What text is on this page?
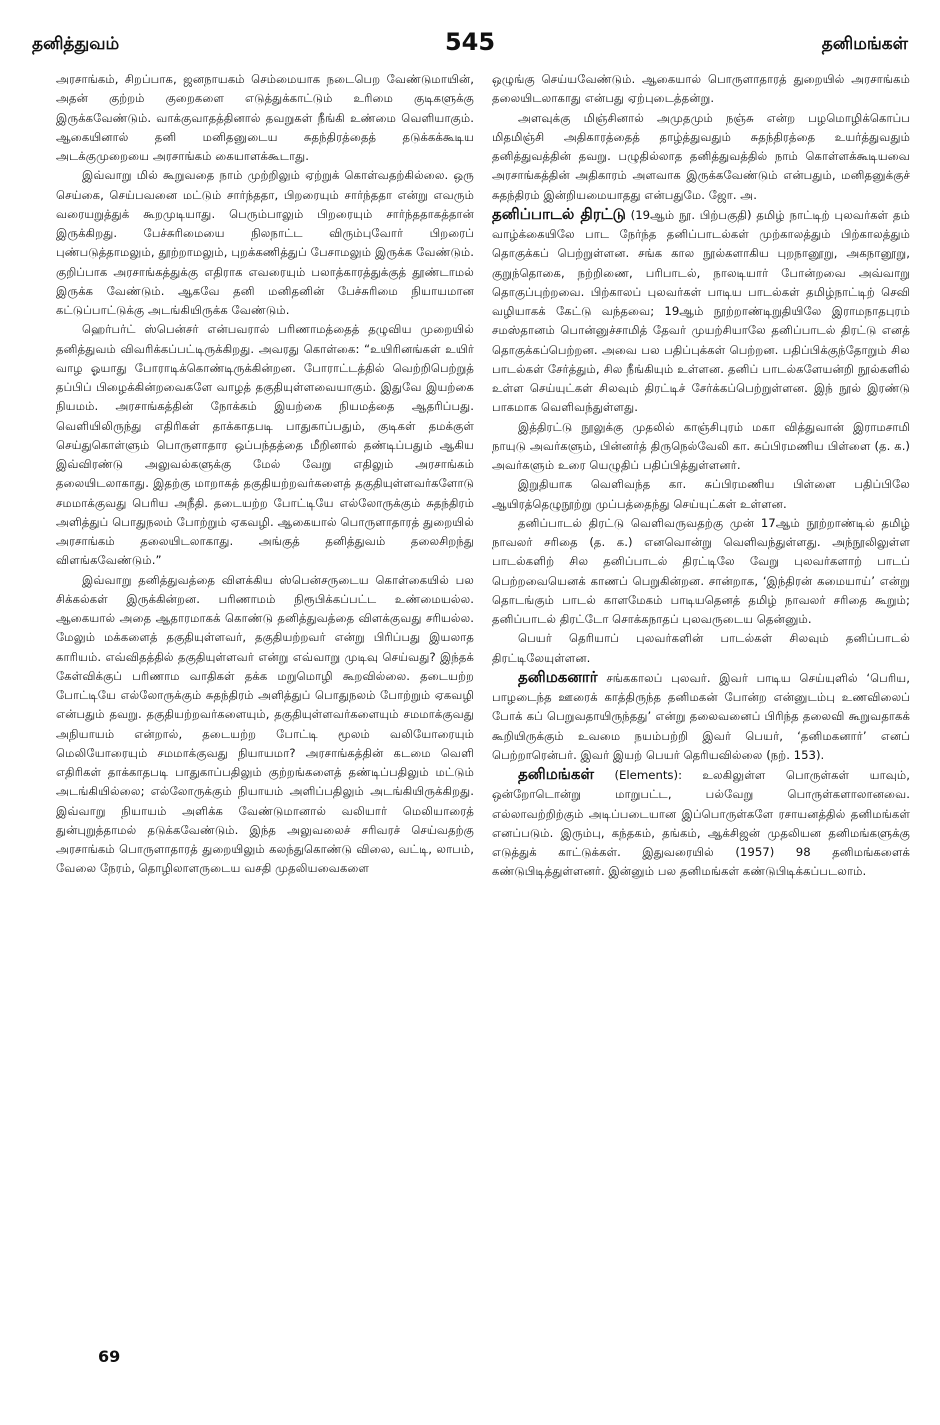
தனித்துவம்	545	தனிமங்கள்

அரசாங்கம், சிறப்பாக, ஜனநாயகம் செம்மையாக நடைபெற வேண்டுமாயின், அதன் குற்றம் குறைகளை எடுத்துக்காட்டும் உரிமை குடிகளுக்கு இருக்கவேண்டும். வாக்குவாதத்தினால் தவறுகள் நீங்கி உண்மை வெளியாகும். ஆகையினால் தனி மனிதனுடைய சுதந்திரத்தைத் தடுக்கக்கூடிய அடக்குமுறையை அரசாங்கம் கையாளக்கூடாது.

இவ்வாறு மில் கூறுவதை நாம் முற்றிலும் ஏற்றுக் கொள்வதற்கில்லை. ஒரு செய்கை, செய்பவனை மட்டும் சார்ந்ததா, பிறரையும் சார்ந்ததா என்று எவரும் வரையறுத்துக் கூறமுடியாது. பெரும்பாலும் பிறரையும் சார்ந்ததாகத்தான் இருக்கிறது. பேச்சுரிமையை நிலநாட்ட விரும்புவோர் பிறரைப் புண்படுத்தாமலும், தூற்றாமலும், புறக்கணித்துப் பேசாமலும் இருக்க வேண்டும். குறிப்பாக அரசாங்கத்துக்கு எதிராக எவரையும் பலாத்காரத்துக்குத் தூண்டாமல் இருக்க வேண்டும். ஆகவே தனி மனிதனின் பேச்சுரிமை நியாயமான கட்டுப்பாட்டுக்கு அடங்கியிருக்க வேண்டும்.

ஹெர்பர்ட் ஸ்பென்சர் என்பவரால் பரிணாமத்தைத் தழுவிய முறையில் தனித்துவம் விவரிக்கப்பட்டிருக்கிறது. அவரது கொள்கை: “உயிரினங்கள் உயிர் வாழ ஓயாது போராடிக்கொண்டிருக்கின்றன. போராட்டத்தில் வெற்றிபெற்றுத் தப்பிப் பிழைக்கின்றவைகளே வாழத் தகுதியுள்ளவையாகும். இதுவே இயற்கை நியமம். அரசாங்கத்தின் நோக்கம் இயற்கை நியமத்தை ஆதரிப்பது. வெளியிலிருந்து எதிரிகள் தாக்காதபடி பாதுகாப்பதும், குடிகள் தமக்குள் செய்துகொள்ளும் பொருளாதார ஒப்பந்தத்தை மீறினால் தண்டிப்பதும் ஆகிய இவ்விரண்டு அலுவல்களுக்கு மேல் வேறு எதிலும் அரசாங்கம் தலையிடலாகாது. இதற்கு மாறாகத் தகுதியற்றவர்களைத் தகுதியுள்ளவர்களோடு சமமாக்குவது பெரிய அநீதி. தடையற்ற போட்டியே எல்லோருக்கும் சுதந்திரம் அளித்துப் பொதுநலம் போற்றும் ஏகவழி. ஆகையால் பொருளாதாரத் துறையில் அரசாங்கம் தலையிடலாகாது. அங்குத் தனித்துவம் தலைசிறந்து விளங்கவேண்டும்.”

இவ்வாறு தனித்துவத்தை விளக்கிய ஸ்பென்சருடைய கொள்கையில் பல சிக்கல்கள் இருக்கின்றன. பரிணாமம் நிரூபிக்கப்பட்ட உண்மையல்ல. ஆகையால் அதை ஆதாரமாகக் கொண்டு தனித்துவத்தை விளக்குவது சரியல்ல. மேலும் மக்களைத் தகுதியுள்ளவர், தகுதியற்றவர் என்று பிரிப்பது இயலாத காரியம். எவ்விதத்தில் தகுதியுள்ளவர் என்று எவ்வாறு முடிவு செய்வது? இந்தக் கேள்விக்குப் பரிணாம வாதிகள் தக்க மறுமொழி கூறவில்லை. தடையற்ற போட்டியே எல்லோருக்கும் சுதந்திரம் அளித்துப் பொதுநலம் போற்றும் ஏகவழி என்பதும் தவறு. தகுதியற்றவர்களையும், தகுதியுள்ளவர்களையும் சமமாக்குவது அநியாயம் என்றால், தடையற்ற போட்டி மூலம் வலியோரையும் மெலியோரையும் சமமாக்குவது நியாயமா? அரசாங்கத்தின் கடமை வெளி எதிரிகள் தாக்காதபடி பாதுகாப்பதிலும் குற்றங்களைத் தண்டிப்பதிலும் மட்டும் அடங்கியில்லை; எல்லோருக்கும் நியாயம் அளிப்பதிலும் அடங்கியிருக்கிறது. இவ்வாறு நியாயம் அளிக்க வேண்டுமானால் வலியார் மெலியாரைத் துன்புறுத்தாமல் தடுக்கவேண்டும். இந்த அலுவலைச் சரிவரச் செய்வதற்கு அரசாங்கம் பொருளாதாரத் துறையிலும் கலந்துகொண்டு விலை, வட்டி, லாபம், வேலை நேரம், தொழிலாளருடைய வசதி முதலியவைகளை

ஒழுங்கு செய்யவேண்டும். ஆகையால் பொருளாதாரத் துறையில் அரசாங்கம் தலையிடலாகாது என்பது ஏற்புடைத்தன்று.

அளவுக்கு மிஞ்சினால் அமுதமும் நஞ்சு என்ற பழமொழிக்கொப்ப மிதமிஞ்சி அதிகாரத்தைத் தாழ்த்துவதும் சுதந்திரத்தை உயர்த்துவதும் தனித்துவத்தின் தவறு. பழுதில்லாத தனித்துவத்தில் நாம் கொள்ளக்கூடியவை அரசாங்கத்தின் அதிகாரம் அளவாக இருக்கவேண்டும் என்பதும், மனிதனுக்குச் சுதந்திரம் இன்றியமையாதது என்பதுமே. ஜோ. அ.

தனிப்பாடல் திரட்டு (19ஆம் நூ. பிற்பகுதி) தமிழ் நாட்டிற் புலவர்கள் தம் வாழ்க்கையிலே பாட நேர்ந்த தனிப்பாடல்கள் முற்காலத்தும் பிற்காலத்தும் தொகுக்கப் பெற்றுள்ளன. சங்க கால நூல்களாகிய புறநானூறு, அகநானூறு, குறுந்தொகை, நற்றிணை, பரிபாடல், நாலடியார் போன்றவை அவ்வாறு தொகுப்புற்றவை. பிற்காலப் புலவர்கள் பாடிய பாடல்கள் தமிழ்நாட்டிற் செவி வழியாகக் கேட்டு வந்தவை; 19ஆம் நூற்றாண்டிறுதியிலே இராமநாதபுரம் சமஸ்தானம் பொன்னுச்சாமித் தேவர் முயற்சியாலே தனிப்பாடல் திரட்டு எனத் தொகுக்கப்பெற்றன. அவை பல பதிப்புக்கள் பெற்றன. பதிப்பிக்குந்தோறும் சில பாடல்கள் சேர்த்தும், சில நீங்கியும் உள்ளன. தனிப் பாடல்களேயன்றி நூல்களில் உள்ள செய்யுட்கள் சிலவும் திரட்டிச் சேர்க்கப்பெற்றுள்ளன. இந் நூல் இரண்டு பாகமாக வெளிவந்துள்ளது.

இத்திரட்டு நூலுக்கு முதலில் காஞ்சிபுரம் மகா வித்துவான் இராமசாமி நாயுடு அவர்களும், பின்னர்த் திருநெல்வேலி கா. சுப்பிரமணிய பிள்ளை (த. க.) அவர்களும் உரை யெழுதிப் பதிப்பித்துள்ளனர்.

இறுதியாக வெளிவந்த கா. சுப்பிரமணிய பிள்ளை பதிப்பிலே ஆயிரத்தெழுநூற்று முப்பத்தைந்து செய்யுட்கள் உள்ளன.

தனிப்பாடல் திரட்டு வெளிவருவதற்கு முன் 17ஆம் நூற்றாண்டில் தமிழ் நாவலர் சரிதை (த. க.) எனவொன்று வெளிவந்துள்ளது. அந்நூலிலுள்ள பாடல்களிற் சில தனிப்பாடல் திரட்டிலே வேறு புலவர்களாற் பாடப் பெற்றவையெனக் காணப் பெறுகின்றன. சான்றாக, ‘இந்திரன் கமையாய்’ என்று தொடங்கும் பாடல் காளமேகம் பாடியதெனத் தமிழ் நாவலர் சரிதை கூறும்; தனிப்பாடல் திரட்டோ சொக்கநாதப் புலவருடைய தென்னும்.

பெயர் தெரியாப் புலவர்களின் பாடல்கள் சிலவும் தனிப்பாடல் திரட்டிலேயுள்ளன.

தனிமகனார் சங்ககாலப் புலவர். இவர் பாடிய செய்யுளில் ‘பெரிய, பாழடைந்த ஊரைக் காத்திருந்த தனிமகன் போன்ற என்னுடம்பு உணவிலைப் போக் கப் பெறுவதாயிருந்தது’ என்று தலைவனைப் பிரிந்த தலைவி கூறுவதாகக் கூறியிருக்கும் உவமை நயம்பற்றி இவர் பெயர், ‘தனிமகனார்’ எனப் பெற்றாரென்பர். இவர் இயற் பெயர் தெரியவில்லை (நற். 153).

தனிமங்கள் (Elements): உலகிலுள்ள பொருள்கள் யாவும், ஒன்றோடொன்று மாறுபட்ட, பல்வேறு பொருள்களாலானவை. எல்லாவற்றிற்கும் அடிப்படையான இப்பொருள்களே ரசாயனத்தில் தனிமங்கள் எனப்படும். இரும்பு, கந்தகம், தங்கம், ஆக்சிஜன் முதலியன தனிமங்களுக்கு எடுத்துக் காட்டுக்கள். இதுவரையில் (1957) 98 தனிமங்களைக் கண்டுபிடித்துள்ளனர். இன்னும் பல தனிமங்கள் கண்டுபிடிக்கப்படலாம்.

69
